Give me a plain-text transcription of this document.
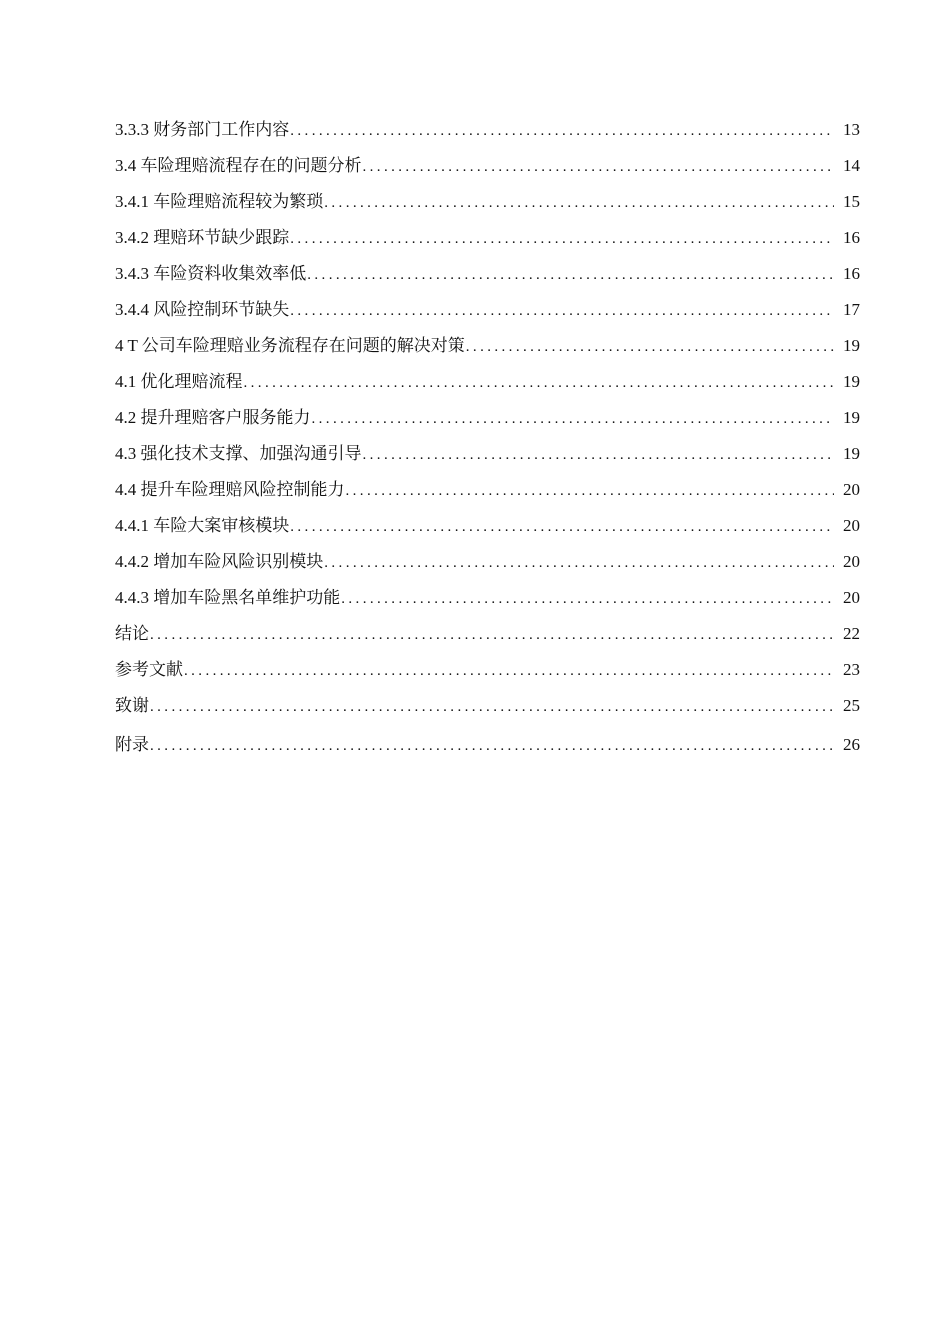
3.3.3 财务部门工作内容 .....	13
3.4 车险理赔流程存在的问题分析 .....	14
3.4.1 车险理赔流程较为繁琐 .....	15
3.4.2 理赔环节缺少跟踪 .....	16
3.4.3 车险资料收集效率低 .....	16
3.4.4 风险控制环节缺失 .....	17
4 T 公司车险理赔业务流程存在问题的解决对策 .....	19
4.1 优化理赔流程 .....	19
4.2 提升理赔客户服务能力 .....	19
4.3 强化技术支撑、加强沟通引导 .....	19
4.4 提升车险理赔风险控制能力 .....	20
4.4.1 车险大案审核模块 .....	20
4.4.2 增加车险风险识别模块 .....	20
4.4.3 增加车险黑名单维护功能 .....	20
结论 .....	22
参考文献 .....	23
致谢 .....	25
附录 .....	26
